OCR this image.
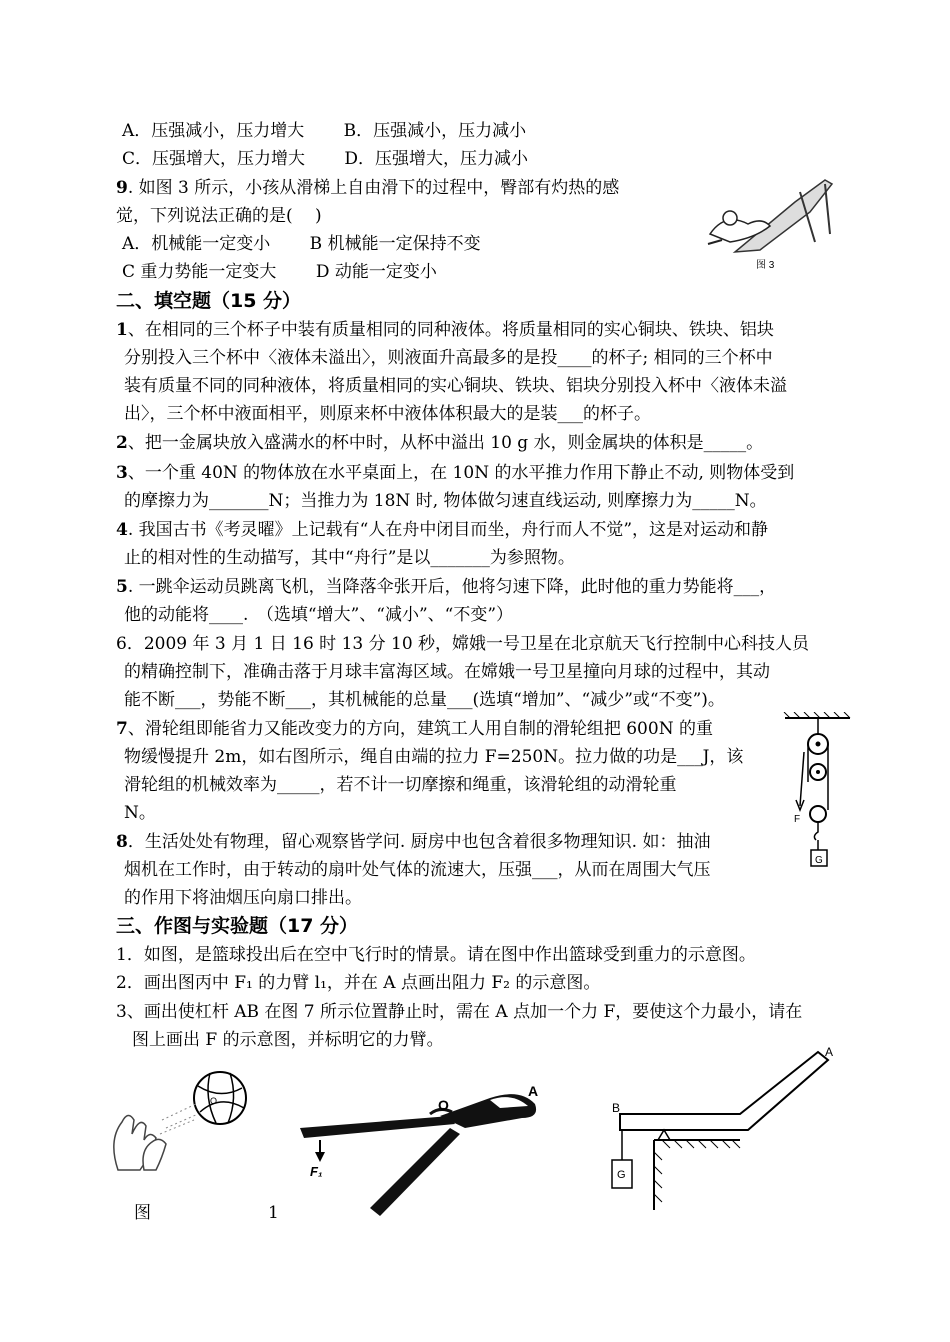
A．压强减小，压力增大　　 B．压强减小，压力减小
C．压强增大，压力增大　　 D．压强增大，压力减小
9. 如图 3 所示，小孩从滑梯上自由滑下的过程中，臀部有灼热的感
觉，下列说法正确的是(　 )
A．机械能一定变小　　 B 机械能一定保持不变
C 重力势能一定变大　　 D 动能一定变小	图 3
二、填空题（15 分）
1、在相同的三个杯子中装有质量相同的同种液体。将质量相同的实心铜块、铁块、铝块
分别投入三个杯中〈液体未溢出〉，则液面升高最多的是投____的杯子; 相同的三个杯中
装有质量不同的同种液体，将质量相同的实心铜块、铁块、铝块分别投入杯中〈液体未溢
出〉，三个杯中液面相平，则原来杯中液体体积最大的是装___的杯子。
2、把一金属块放入盛满水的杯中时，从杯中溢出 10 g 水，则金属块的体积是_____。
3、一个重 40N 的物体放在水平桌面上，在 10N 的水平推力作用下静止不动, 则物体受到
的摩擦力为_______N；当推力为 18N 时, 物体做匀速直线运动, 则摩擦力为_____N。
4. 我国古书《考灵曜》上记载有“人在舟中闭目而坐，舟行而人不觉”，这是对运动和静
止的相对性的生动描写，其中“舟行”是以_______为参照物。
5. 一跳伞运动员跳离飞机，当降落伞张开后，他将匀速下降，此时他的重力势能将___，
他的动能将____.　（选填“增大”、“减小”、“不变”）
6．2009 年 3 月 1 日 16 时 13 分 10 秒，嫦娥一号卫星在北京航天飞行控制中心科技人员
的精确控制下，准确击落于月球丰富海区域。在嫦娥一号卫星撞向月球的过程中，其动
能不断___，势能不断___，其机械能的总量___(选填“增加”、“减少”或“不变”)。
7、滑轮组即能省力又能改变力的方向，建筑工人用自制的滑轮组把 600N 的重
物缓慢提升 2m，如右图所示，绳自由端的拉力 F=250N。拉力做的功是___J，该
滑轮组的机械效率为_____，若不计一切摩擦和绳重，该滑轮组的动滑轮重
N。	F
G
8．生活处处有物理，留心观察皆学问. 厨房中也包含着很多物理知识. 如：抽油
烟机在工作时，由于转动的扇叶处气体的流速大，压强___，从而在周围大气压
的作用下将油烟压向扇口排出。
三、作图与实验题（17 分）
1．如图，是篮球投出后在空中飞行时的情景。请在图中作出篮球受到重力的示意图。
2．画出图丙中 F₁ 的力臂 l₁，并在 A 点画出阻力 F₂ 的示意图。
3、画出使杠杆 AB 在图 7 所示位置静止时，需在 A 点加一个力 F，要使这个力最小，请在
图上画出 F 的示意图，并标明它的力臂。
O
图	1
O
A
F₁
A
B
G
